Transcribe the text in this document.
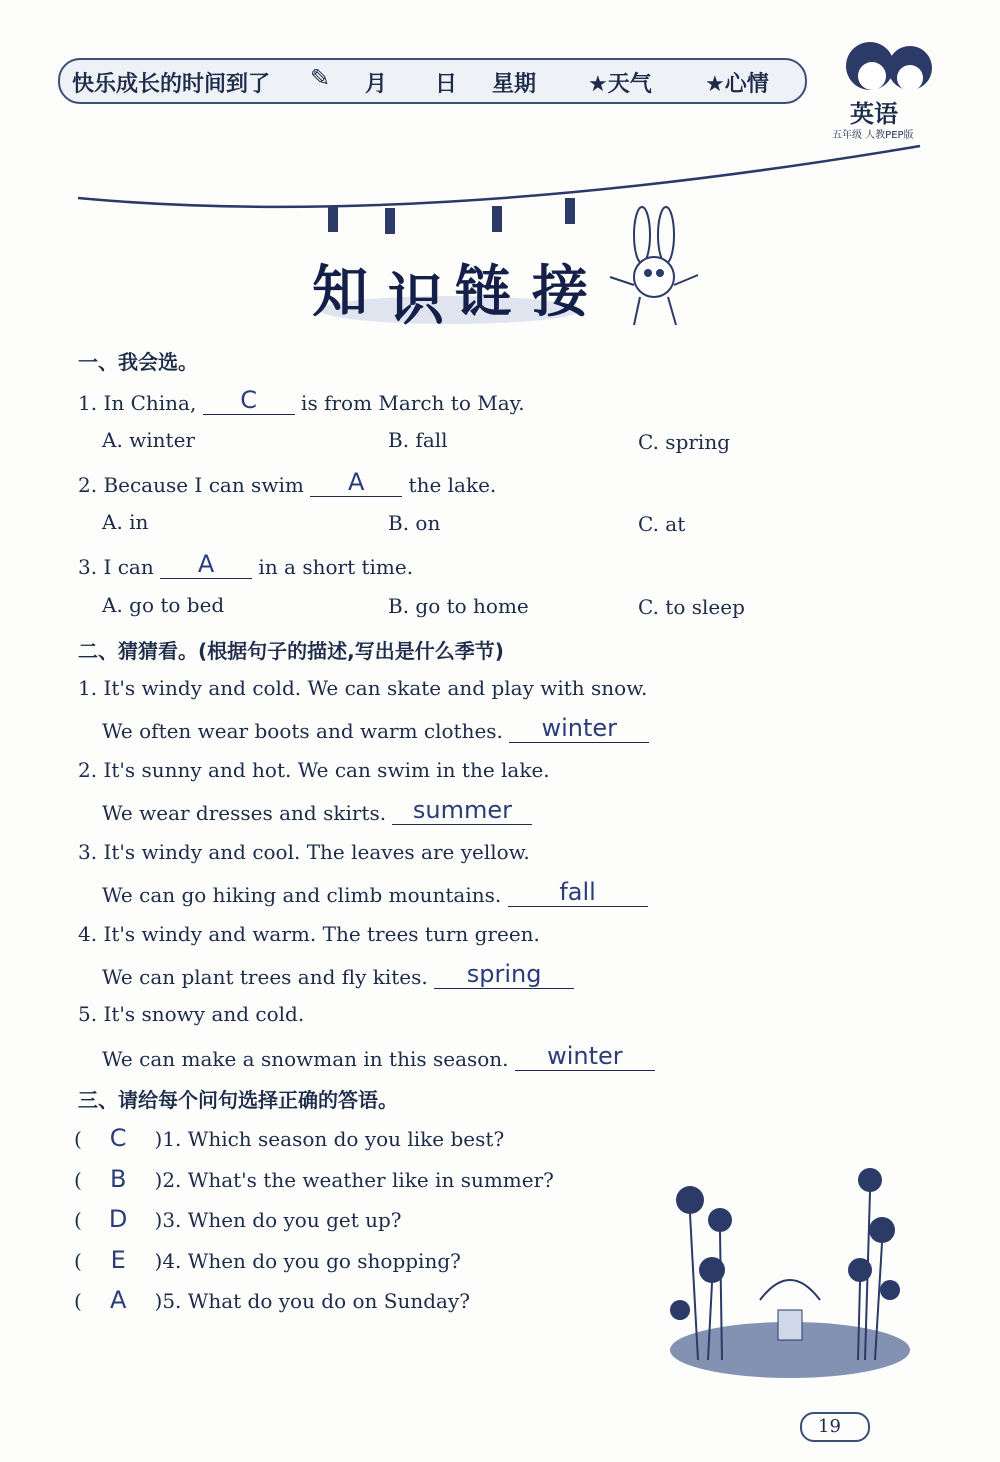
快乐成长的时间到了 ✎ 月 日 星期 ★天气 ★心情
英语
五年级 人教PEP版
知 识 链 接
一、我会选。
1. In China, C is from March to May.
A. winter	B. fall	C. spring
2. Because I can swim A the lake.
A. in	B. on	C. at
3. I can A in a short time.
A. go to bed	B. go to home	C. to sleep
二、猜猜看。(根据句子的描述,写出是什么季节)
1. It's windy and cold. We can skate and play with snow.
We often wear boots and warm clothes. winter
2. It's sunny and hot. We can swim in the lake.
We wear dresses and skirts. summer
3. It's windy and cool. The leaves are yellow.
We can go hiking and climb mountains. fall
4. It's windy and warm. The trees turn green.
We can plant trees and fly kites. spring
5. It's snowy and cold.
We can make a snowman in this season. winter
三、请给每个问句选择正确的答语。
( C )1. Which season do you like best?
( B )2. What's the weather like in summer?
( D )3. When do you get up?
( E )4. When do you go shopping?
( A )5. What do you do on Sunday?
19
